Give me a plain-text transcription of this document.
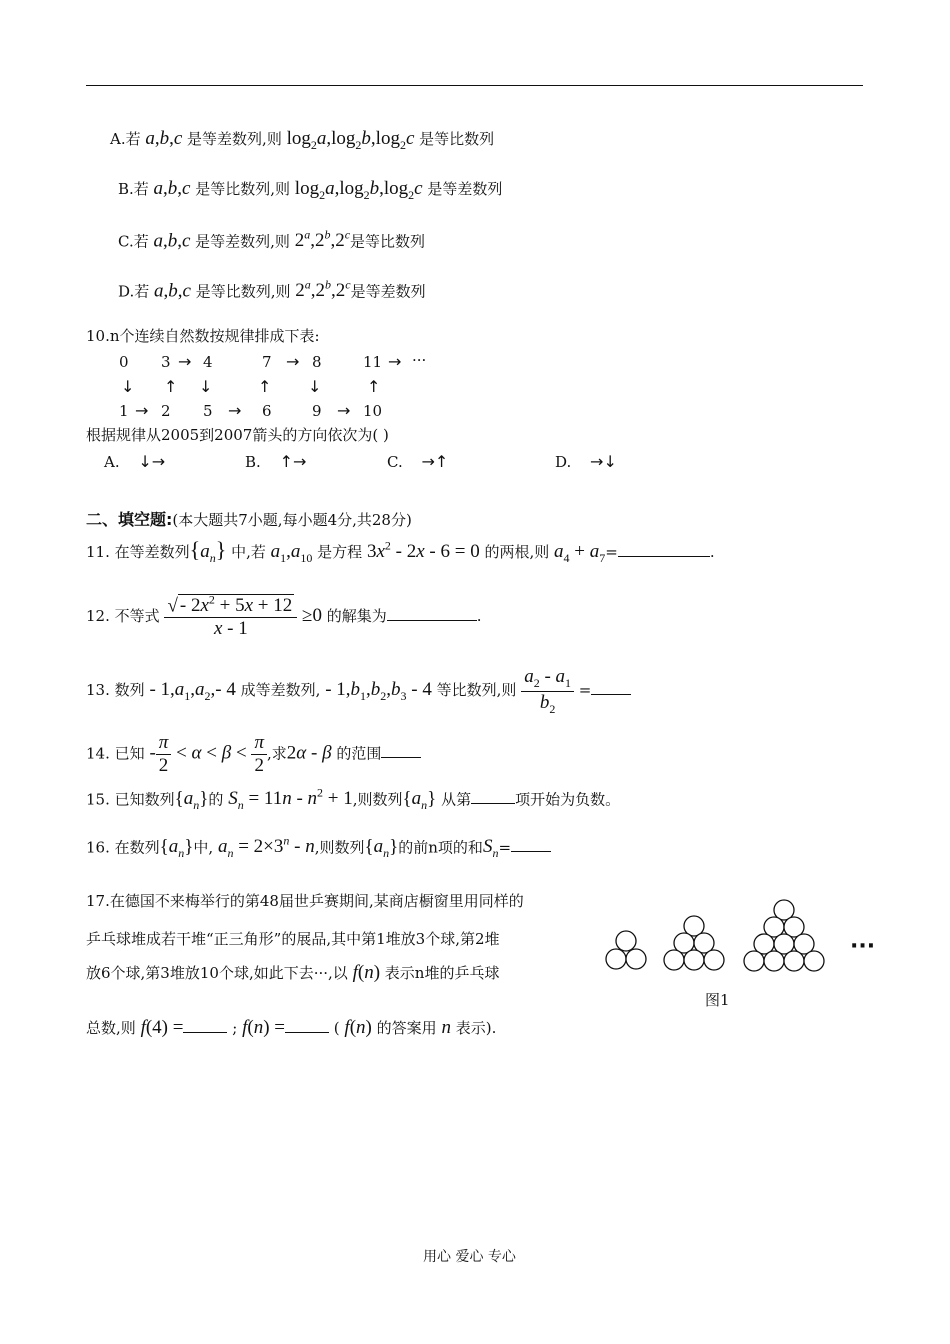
A.若 a,b,c 是等差数列,则 $\log_2a,\log_2b,\log_2c$ 是等比数列
B.若 a,b,c 是等比数列,则 $\log_2a,\log_2b,\log_2c$ 是等差数列
C.若 a,b,c 是等差数列,则 2$^a$,2$^b$,2$^c$是等比数列
D.若 a,b,c 是等比数列,则 2$^a$,2$^b$,2$^c$是等差数列
10.n个连续自然数按规律排成下表:
0 3 → 4	7 → 8	11 → ···
↓ ↑ ↓	↑ ↓	↑
1 → 2 5 → 6	9 → 10
根据规律从2005到2007箭头的方向依次为( )
A. ↓→	B. ↑→	C. →↑	D. →↓
二、填空题:(本大题共7小题,每小题4分,共28分)
11. 在等差数列$\{a_n\}$ 中,若 $a_1,a_{10}$ 是方程 $3x^2 - 2x - 6 = 0$ 的两根,则 $a_4 + a_7=$	.
12. 不等式 $\frac{√ - 2x^2 + 5x + 12}{x - 1} \ge 0$ 的解集为	.
13. 数列 - $1,a_1,a_2,-$ 4 成等差数列, - $1,b_1,b_2,b_3 - 4$ 等比数列,则 $\frac{a_2 - a_1}{b_2}$ =
14. 已知 - $\frac{\pi}{2} < \alpha < \beta < \frac{\pi}{2}$ ,求2α - β 的范围
15. 已知数列$\{a_n\}$的 $S_n = 11n - n^2 + 1$,则数列$\{a_n\}$ 从第	项开始为负数。
16. 在数列$\{a_n\}$中, $a_n = 2\times 3^n - n$,则数列$\{a_n\}$的前n项的和$S_n=$
17.在德国不来梅举行的第48届世乒赛期间,某商店橱窗里用同样的
乒乓球堆成若干堆“正三角形”的展品,其中第1堆放3个球,第2堆
放6个球,第3堆放10个球,如此下去···,以 f(n) 表示n堆的乒乓球
总数,则 f(4) =	; f(n) =	( f(n) 的答案用 n 表示).
···
图1
用心 爱心 专心
